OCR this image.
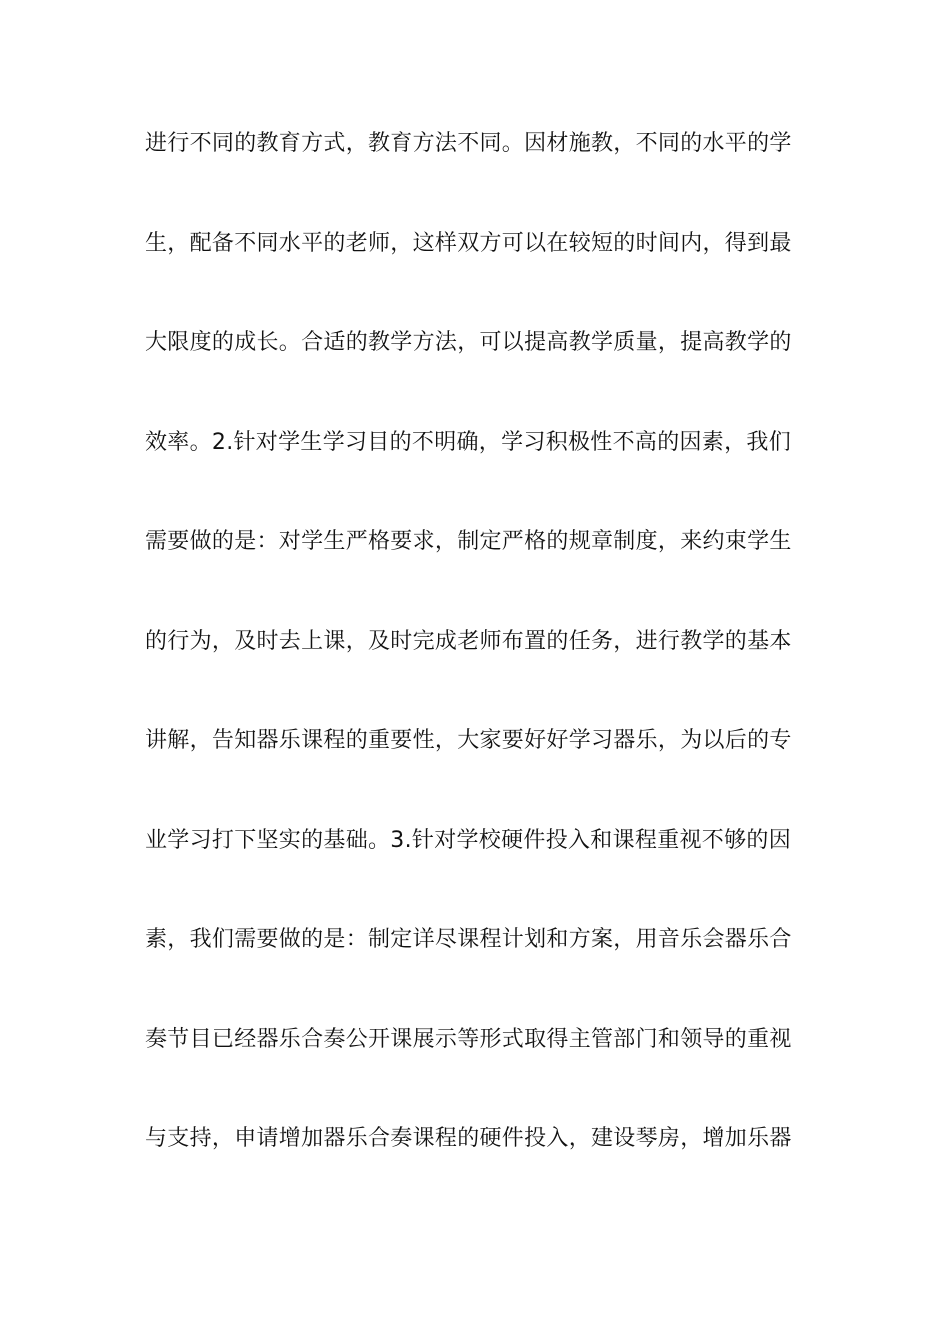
进行不同的教育方式，教育方法不同。因材施教，不同的水平的学
生，配备不同水平的老师，这样双方可以在较短的时间内，得到最
大限度的成长。合适的教学方法，可以提高教学质量，提高教学的
效率。2.针对学生学习目的不明确，学习积极性不高的因素，我们
需要做的是：对学生严格要求，制定严格的规章制度，来约束学生
的行为，及时去上课，及时完成老师布置的任务，进行教学的基本
讲解，告知器乐课程的重要性，大家要好好学习器乐，为以后的专
业学习打下坚实的基础。3.针对学校硬件投入和课程重视不够的因
素，我们需要做的是：制定详尽课程计划和方案，用音乐会器乐合
奏节目已经器乐合奏公开课展示等形式取得主管部门和领导的重视
与支持，申请增加器乐合奏课程的硬件投入，建设琴房，增加乐器
